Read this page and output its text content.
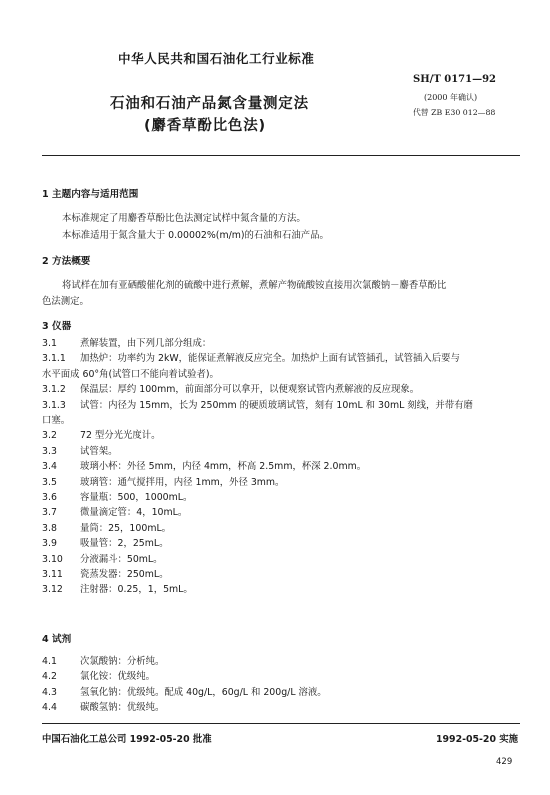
中华人民共和国石油化工行业标准
SH/T 0171—92
(2000 年确认)
代替 ZB E30 012—88
石油和石油产品氮含量测定法
(麝香草酚比色法)
1 主题内容与适用范围
本标准规定了用麝香草酚比色法测定试样中氮含量的方法。
本标准适用于氮含量大于 0.00002%(m/m)的石油和石油产品。
2 方法概要
将试样在加有亚硒酸催化剂的硫酸中进行煮解，煮解产物硫酸铵直接用次氯酸钠－麝香草酚比
色法测定。
3 仪器
3.1 煮解装置，由下列几部分组成：
3.1.1 加热炉：功率约为 2kW，能保证煮解液反应完全。加热炉上面有试管插孔，试管插入后要与
水平面成 60°角(试管口不能向着试验者)。
3.1.2 保温层：厚约 100mm，前面部分可以拿开，以便观察试管内煮解液的反应现象。
3.1.3 试管：内径为 15mm，长为 250mm 的硬质玻璃试管，刻有 10mL 和 30mL 刻线，并带有磨
口塞。
3.2 72 型分光光度计。
3.3 试管架。
3.4 玻璃小杯：外径 5mm，内径 4mm，杯高 2.5mm，杯深 2.0mm。
3.5 玻璃管：通气搅拌用，内径 1mm，外径 3mm。
3.6 容量瓶：500，1000mL。
3.7 微量滴定管：4，10mL。
3.8 量筒：25，100mL。
3.9 吸量管：2，25mL。
3.10 分液漏斗：50mL。
3.11 瓷蒸发器：250mL。
3.12 注射器：0.25，1，5mL。
4 试剂
4.1 次氯酸钠：分析纯。
4.2 氯化铵：优级纯。
4.3 氢氧化钠：优级纯。配成 40g/L，60g/L 和 200g/L 溶液。
4.4 碳酸氢钠：优级纯。
中国石油化工总公司 1992-05-20 批准	1992-05-20 实施
429
